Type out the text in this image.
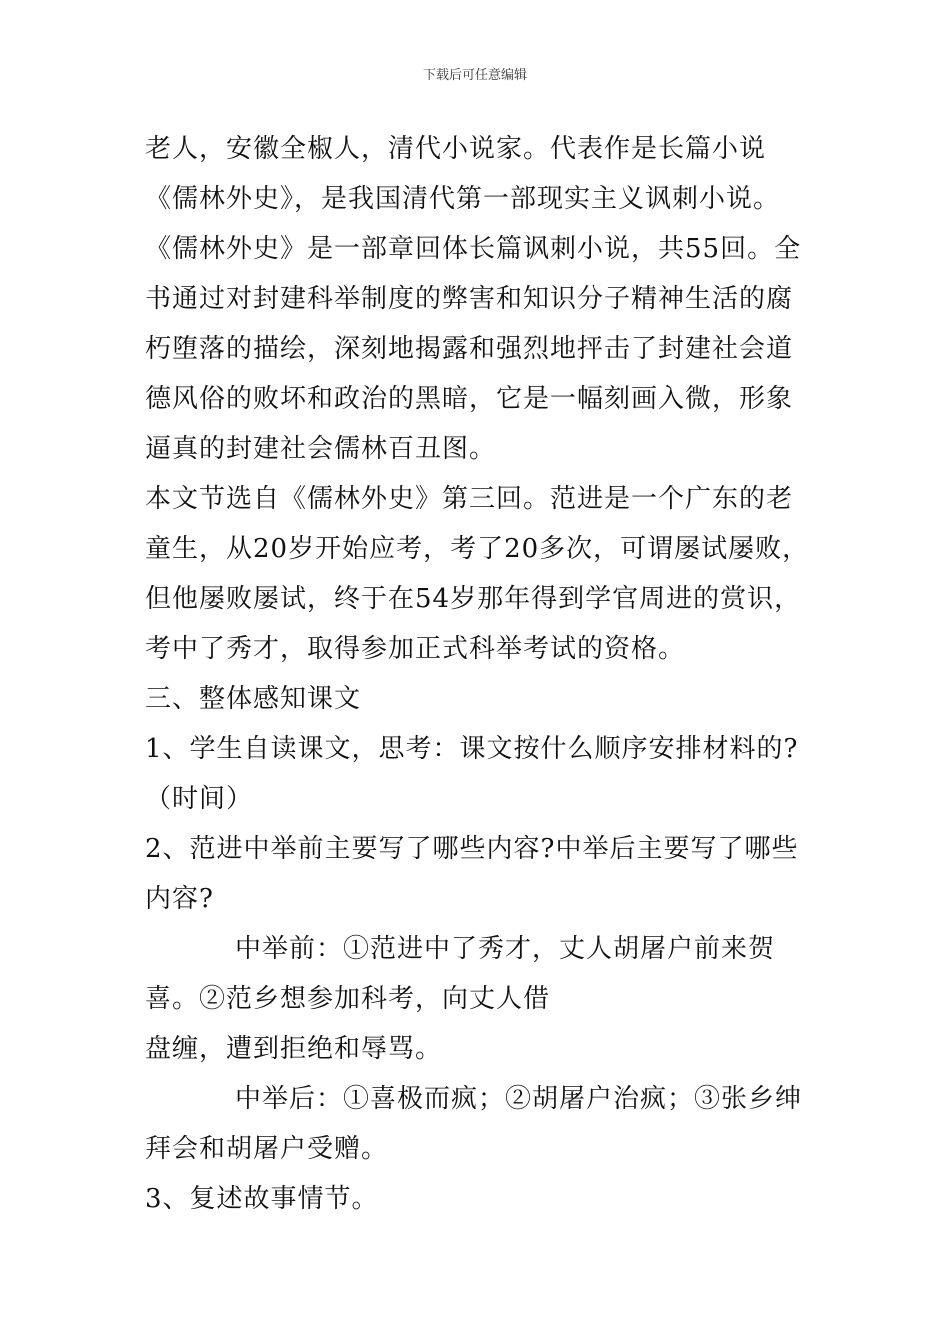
下载后可任意编辑

老人，安徽全椒人，清代小说家。代表作是长篇小说《儒林外史》，是我国清代第一部现实主义讽刺小说。

《儒林外史》是一部章回体长篇讽刺小说，共55回。全书通过对封建科举制度的弊害和知识分子精神生活的腐朽堕落的描绘，深刻地揭露和强烈地抨击了封建社会道德风俗的败坏和政治的黑暗，它是一幅刻画入微，形象逼真的封建社会儒林百丑图。

本文节选自《儒林外史》第三回。范进是一个广东的老童生，从20岁开始应考，考了20多次，可谓屡试屡败，但他屡败屡试，终于在54岁那年得到学官周进的赏识，考中了秀才，取得参加正式科举考试的资格。

三、整体感知课文

1、学生自读课文，思考：课文按什么顺序安排材料的?（时间）

2、范进中举前主要写了哪些内容?中举后主要写了哪些内容?

中举前：①范进中了秀才，丈人胡屠户前来贺喜。②范乡想参加科考，向丈人借

盘缠，遭到拒绝和辱骂。

中举后：①喜极而疯；②胡屠户治疯；③张乡绅拜会和胡屠户受赠。

3、复述故事情节。
